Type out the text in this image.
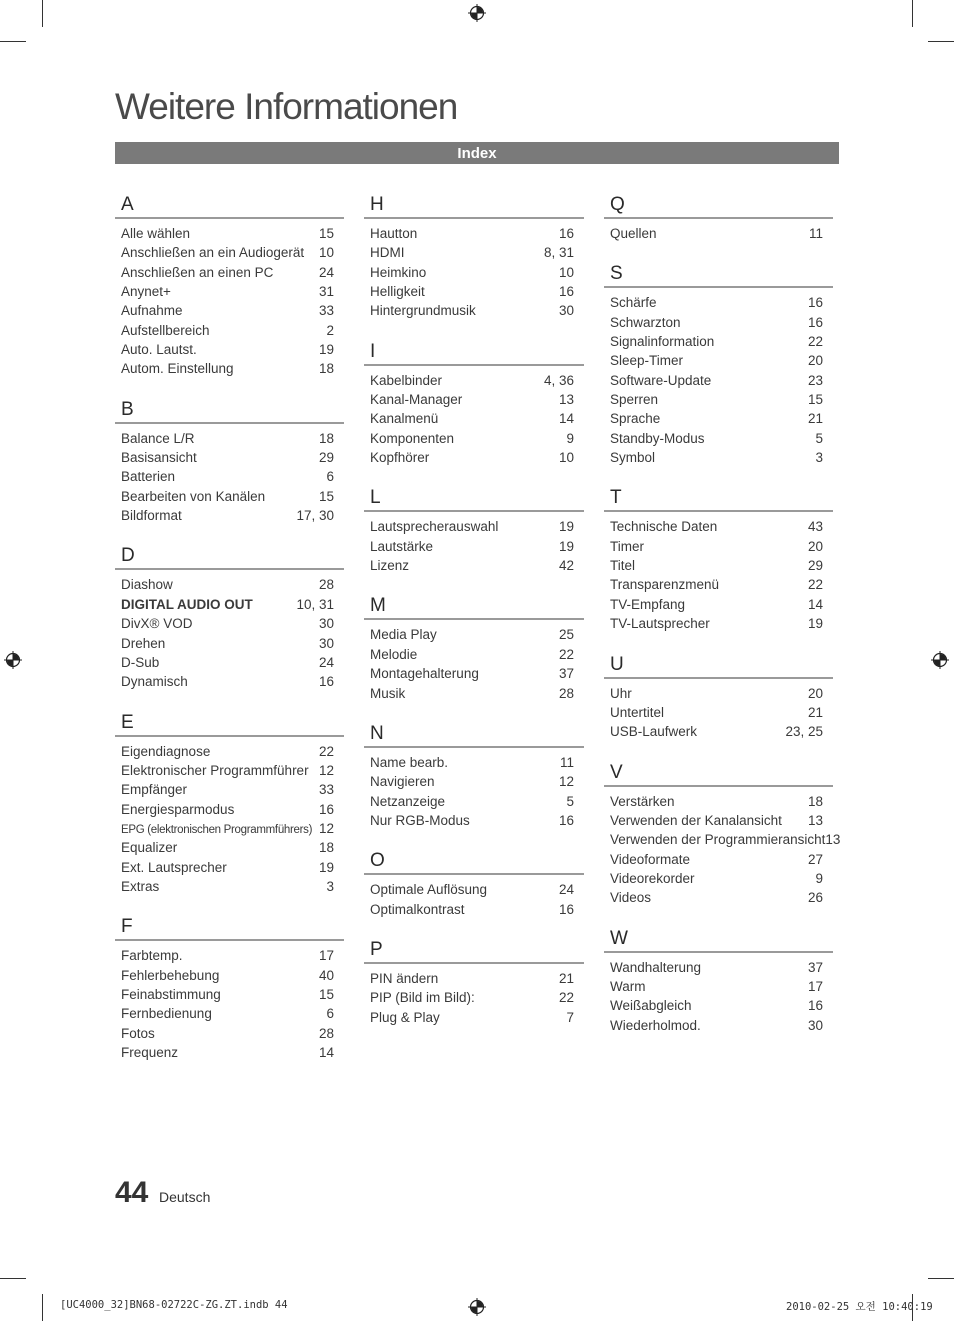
Weitere Informationen
Index
A
Alle wählen	15
Anschließen an ein Audiogerät 10
Anschließen an einen PC	24
Anynet+	31
Aufnahme	33
Aufstellbereich	2
Auto. Lautst.	19
Autom. Einstellung	18
B
Balance L/R	18
Basisansicht	29
Batterien	6
Bearbeiten von Kanälen	15
Bildformat	17, 30
D
Diashow	28
DIGITAL AUDIO OUT	10, 31
DivX® VOD	30
Drehen	30
D-Sub	24
Dynamisch	16
E
Eigendiagnose	22
Elektronischer Programmführer 12
Empfänger	33
Energiesparmodus	16
EPG (elektronischen Programmführers) 12
Equalizer	18
Ext. Lautsprecher	19
Extras	3
F
Farbtemp.	17
Fehlerbehebung	40
Feinabstimmung	15
Fernbedienung	6
Fotos	28
Frequenz	14
H
Hautton	16
HDMI	8, 31
Heimkino	10
Helligkeit	16
Hintergrundmusik	30
I
Kabelbinder	4, 36
Kanal-Manager	13
Kanalmenü	14
Komponenten	9
Kopfhörer	10
L
Lautsprecherauswahl	19
Lautstärke	19
Lizenz	42
M
Media Play	25
Melodie	22
Montagehalterung	37
Musik	28
N
Name bearb.	11
Navigieren	12
Netzanzeige	5
Nur RGB-Modus	16
O
Optimale Auflösung	24
Optimalkontrast	16
P
PIN ändern	21
PIP (Bild im Bild):	22
Plug & Play	7
Q
Quellen	11
S
Schärfe	16
Schwarzton	16
Signalinformation	22
Sleep-Timer	20
Software-Update	23
Sperren	15
Sprache	21
Standby-Modus	5
Symbol	3
T
Technische Daten	43
Timer	20
Titel	29
Transparenzmenü	22
TV-Empfang	14
TV-Lautsprecher	19
U
Uhr	20
Untertitel	21
USB-Laufwerk	23, 25
V
Verstärken	18
Verwenden der Kanalansicht 13
Verwenden der Programmieransicht 13
Videoformate	27
Videorekorder	9
Videos	26
W
Wandhalterung	37
Warm	17
Weißabgleich	16
Wiederholmod.	30
44 Deutsch
[UC4000_32]BN68-02722C-ZG.ZT.indb 44	2010-02-25 오전 10:40:19
